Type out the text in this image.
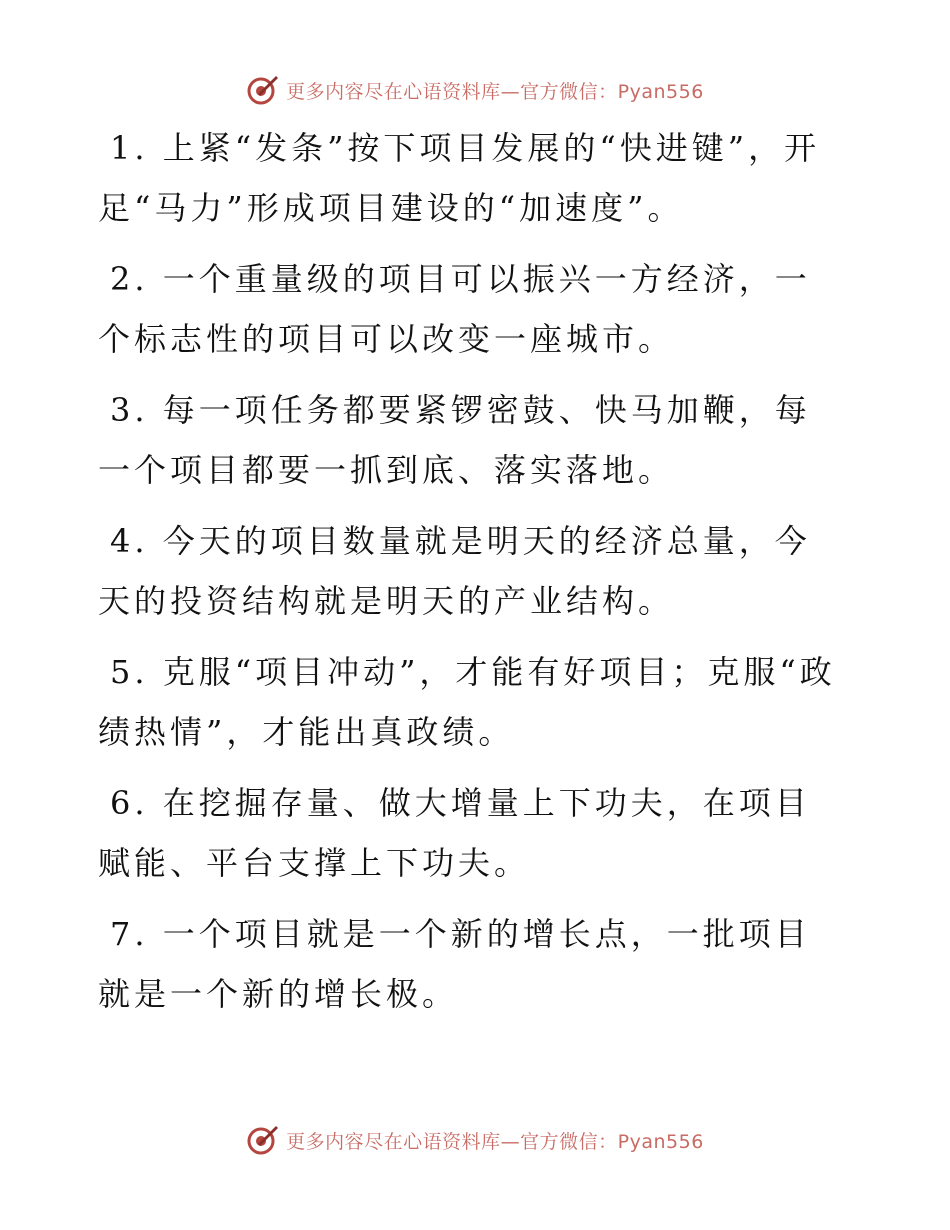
更多内容尽在心语资料库—官方微信：Pyan556

1. 上紧“发条”按下项目发展的“快进键”，开足“马力”形成项目建设的“加速度”。

2. 一个重量级的项目可以振兴一方经济，一个标志性的项目可以改变一座城市。

3. 每一项任务都要紧锣密鼓、快马加鞭，每一个项目都要一抓到底、落实落地。

4. 今天的项目数量就是明天的经济总量，今天的投资结构就是明天的产业结构。

5. 克服“项目冲动”，才能有好项目；克服“政绩热情”，才能出真政绩。

6. 在挖掘存量、做大增量上下功夫，在项目赋能、平台支撑上下功夫。

7. 一个项目就是一个新的增长点，一批项目就是一个新的增长极。

更多内容尽在心语资料库—官方微信：Pyan556
